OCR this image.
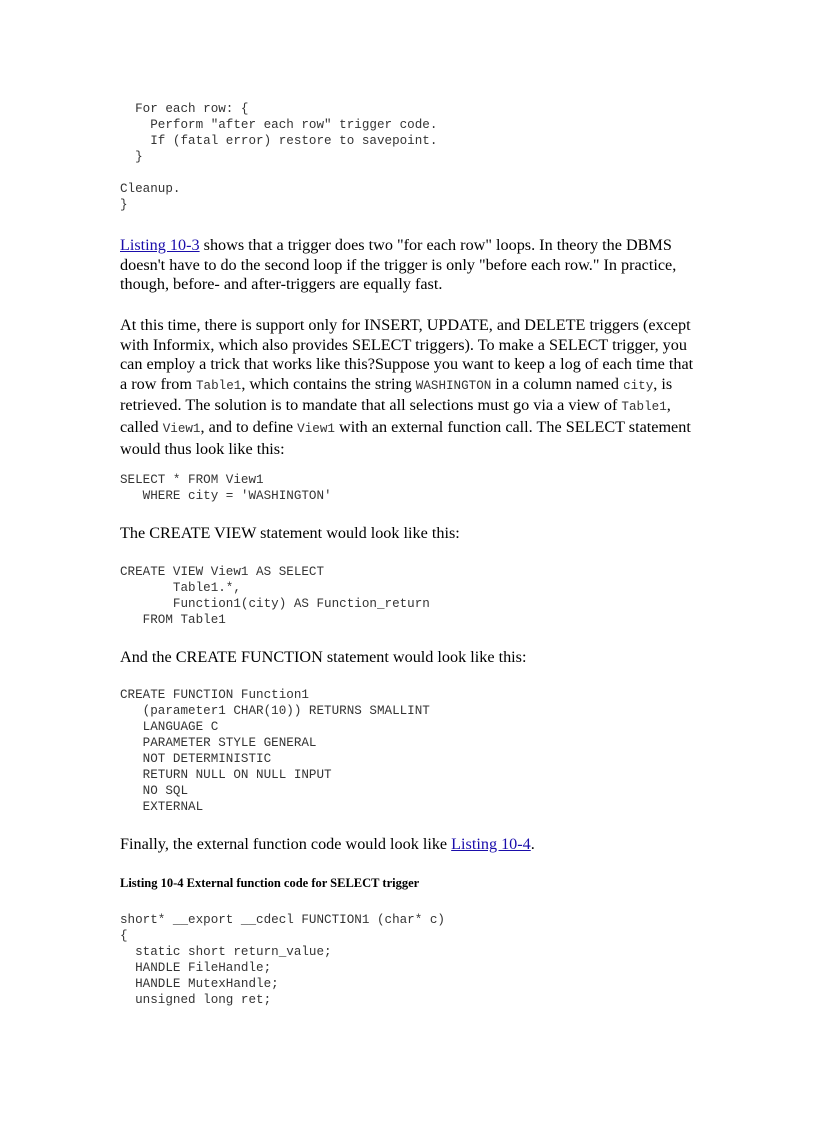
For each row: {
Perform "after each row" trigger code.
If (fatal error) restore to savepoint.
}

Cleanup.
}

Listing 10-3 shows that a trigger does two "for each row" loops. In theory the DBMS doesn't have to do the second loop if the trigger is only "before each row." In practice, though, before- and after-triggers are equally fast.

At this time, there is support only for INSERT, UPDATE, and DELETE triggers (except with Informix, which also provides SELECT triggers). To make a SELECT trigger, you can employ a trick that works like this?Suppose you want to keep a log of each time that a row from Table1, which contains the string WASHINGTON in a column named city, is retrieved. The solution is to mandate that all selections must go via a view of Table1, called View1, and to define View1 with an external function call. The SELECT statement would thus look like this:

SELECT * FROM View1
WHERE city = 'WASHINGTON'

The CREATE VIEW statement would look like this:

CREATE VIEW View1 AS SELECT
Table1.*,
Function1(city) AS Function_return
FROM Table1

And the CREATE FUNCTION statement would look like this:

CREATE FUNCTION Function1
(parameter1 CHAR(10)) RETURNS SMALLINT
LANGUAGE C
PARAMETER STYLE GENERAL
NOT DETERMINISTIC
RETURN NULL ON NULL INPUT
NO SQL
EXTERNAL

Finally, the external function code would look like Listing 10-4.

Listing 10-4 External function code for SELECT trigger
short* __export __cdecl FUNCTION1 (char* c)
{
static short return_value;
HANDLE FileHandle;
HANDLE MutexHandle;
unsigned long ret;
